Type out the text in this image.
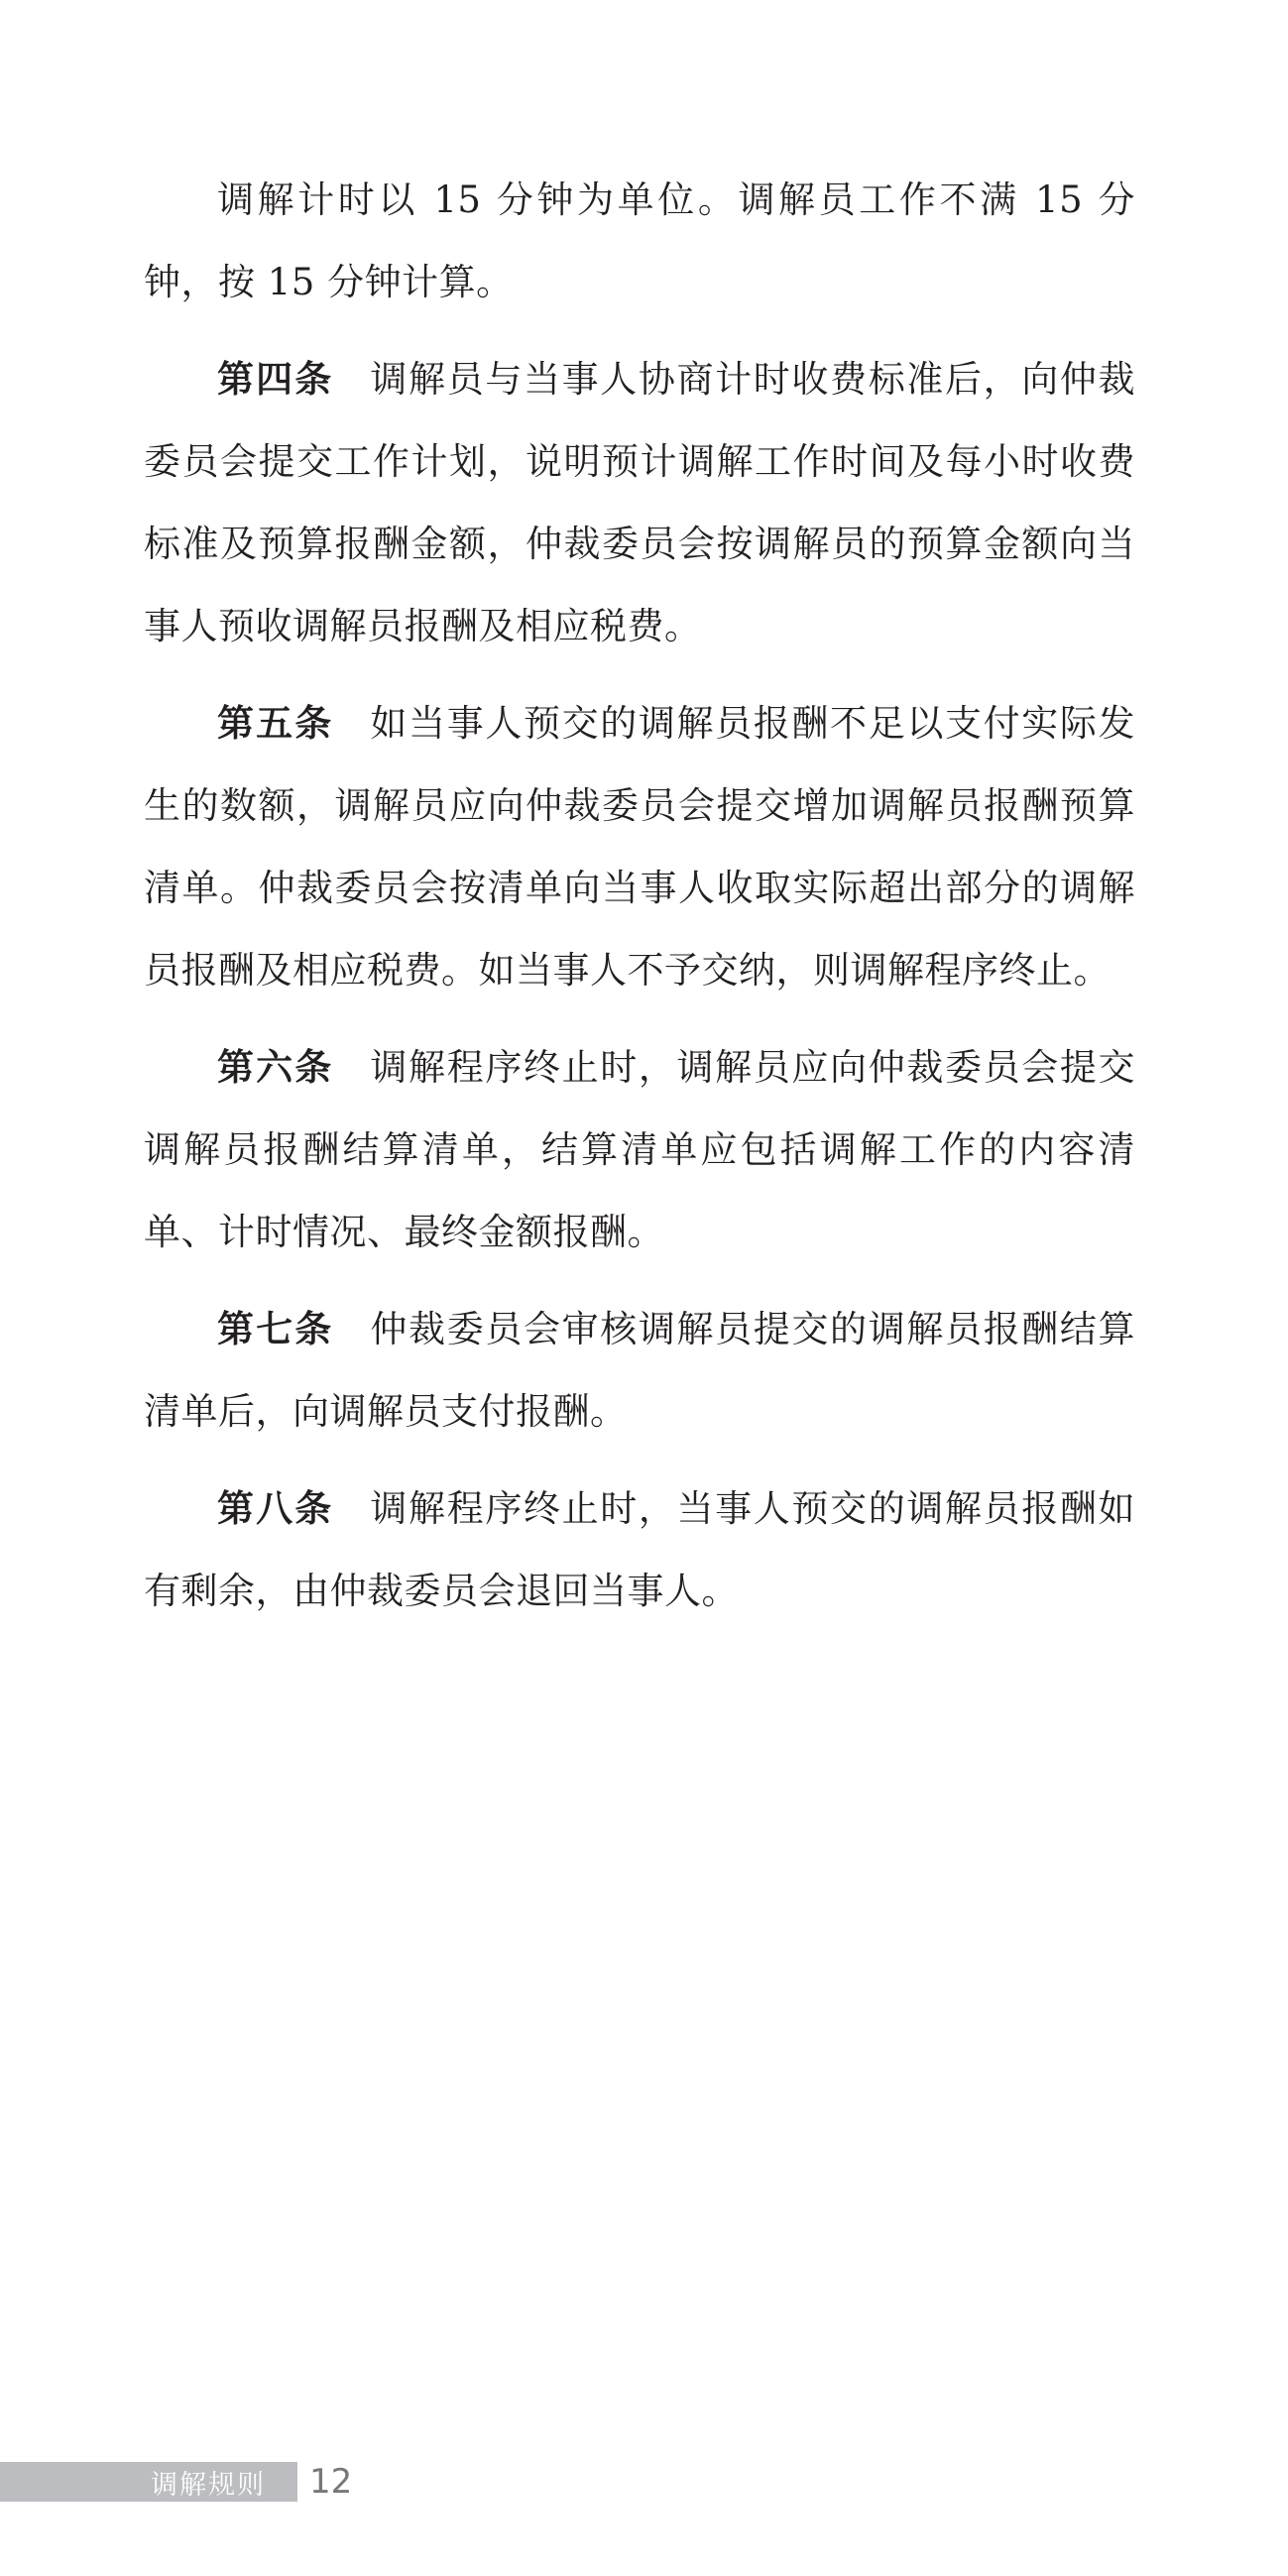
调解计时以 15 分钟为单位。调解员工作不满 15 分钟，按 15 分钟计算。

第四条 调解员与当事人协商计时收费标准后，向仲裁委员会提交工作计划，说明预计调解工作时间及每小时收费标准及预算报酬金额，仲裁委员会按调解员的预算金额向当事人预收调解员报酬及相应税费。

第五条 如当事人预交的调解员报酬不足以支付实际发生的数额，调解员应向仲裁委员会提交增加调解员报酬预算清单。仲裁委员会按清单向当事人收取实际超出部分的调解员报酬及相应税费。如当事人不予交纳，则调解程序终止。

第六条 调解程序终止时，调解员应向仲裁委员会提交调解员报酬结算清单，结算清单应包括调解工作的内容清单、计时情况、最终金额报酬。

第七条 仲裁委员会审核调解员提交的调解员报酬结算清单后，向调解员支付报酬。

第八条 调解程序终止时，当事人预交的调解员报酬如有剩余，由仲裁委员会退回当事人。

调解规则 12
